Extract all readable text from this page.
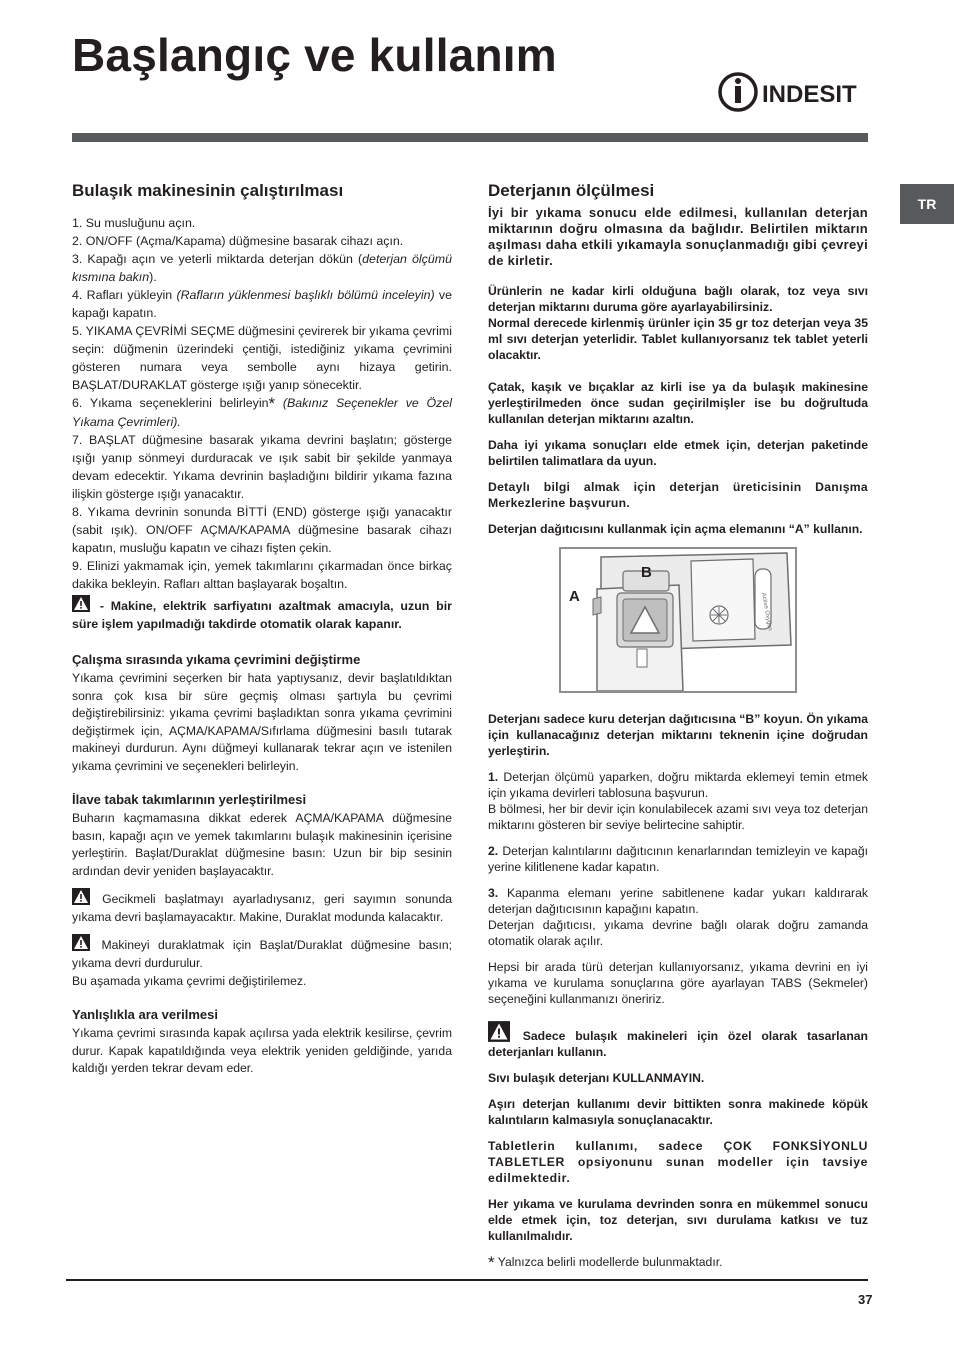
Başlangıç ve kullanım
INDESIT
TR
Bulaşık makinesinin çalıştırılması

1. Su musluğunu açın.

2. ON/OFF (Açma/Kapama) düğmesine basarak cihazı açın.

3. Kapağı açın ve yeterli miktarda deterjan dökün (deterjan ölçümü kısmına bakın).

4. Rafları yükleyin (Rafların yüklenmesi başlıklı bölümü inceleyin) ve kapağı kapatın.

5. YIKAMA ÇEVRİMİ SEÇME düğmesini çevirerek bir yıkama çevrimi seçin: düğmenin üzerindeki çentiği, istediğiniz yıkama çevrimini gösteren numara veya sembolle aynı hizaya getirin. BAŞLAT/DURAKLAT gösterge ışığı yanıp sönecektir.

6. Yıkama seçeneklerini belirleyin* (Bakınız Seçenekler ve Özel Yıkama Çevrimleri).

7. BAŞLAT düğmesine basarak yıkama devrini başlatın; gösterge ışığı yanıp sönmeyi durduracak ve ışık sabit bir şekilde yanmaya devam edecektir. Yıkama devrinin başladığını bildirir yıkama fazına ilişkin gösterge ışığı yanacaktır.

8. Yıkama devrinin sonunda BİTTİ (END) gösterge ışığı yanacaktır (sabit ışık). ON/OFF AÇMA/KAPAMA düğmesine basarak cihazı kapatın, musluğu kapatın ve cihazı fişten çekin.

9. Elinizi yakmamak için, yemek takımlarını çıkarmadan önce birkaç dakika bekleyin. Rafları alttan başlayarak boşaltın.

- Makine, elektrik sarfiyatını azaltmak amacıyla, uzun bir süre işlem yapılmadığı takdirde otomatik olarak kapanır.

Çalışma sırasında yıkama çevrimini değiştirme

Yıkama çevrimini seçerken bir hata yaptıysanız, devir başlatıldıktan sonra çok kısa bir süre geçmiş olması şartıyla bu çevrimi değiştirebilirsiniz: yıkama çevrimi başladıktan sonra yıkama çevrimini değiştirmek için, AÇMA/KAPAMA/Sıfırlama düğmesini basılı tutarak makineyi durdurun. Aynı düğmeyi kullanarak tekrar açın ve istenilen yıkama çevrimini ve seçenekleri belirleyin.

İlave tabak takımlarının yerleştirilmesi

Buharın kaçmamasına dikkat ederek AÇMA/KAPAMA düğmesine basın, kapağı açın ve yemek takımlarını bulaşık makinesinin içerisine yerleştirin. Başlat/Duraklat düğmesine basın: Uzun bir bip sesinin ardından devir yeniden başlayacaktır.

Gecikmeli başlatmayı ayarladıysanız, geri sayımın sonunda yıkama devri başlamayacaktır. Makine, Duraklat modunda kalacaktır.

Makineyi duraklatmak için Başlat/Duraklat düğmesine basın; yıkama devri durdurulur.

Bu aşamada yıkama çevrimi değiştirilemez.

Yanlışlıkla ara verilmesi

Yıkama çevrimi sırasında kapak açılırsa yada elektrik kesilirse, çevrim durur. Kapak kapatıldığında veya elektrik yeniden geldiğinde, yarıda kaldığı yerden tekrar devam eder.

Deterjanın ölçülmesi

İyi bir yıkama sonucu elde edilmesi, kullanılan deterjan miktarının doğru olmasına da bağlıdır. Belirtilen miktarın aşılması daha etkili yıkamayla sonuçlanmadığı gibi çevreyi de kirletir.

Ürünlerin ne kadar kirli olduğuna bağlı olarak, toz veya sıvı deterjan miktarını duruma göre ayarlayabilirsiniz.

Normal derecede kirlenmiş ürünler için 35 gr toz deterjan veya 35 ml sıvı deterjan yeterlidir. Tablet kullanıyorsanız tek tablet yeterli olacaktır.

Çatak, kaşık ve bıçaklar az kirli ise ya da bulaşık makinesine yerleştirilmeden önce sudan geçirilmişler ise bu doğrultuda kullanılan deterjan miktarını azaltın.

Daha iyi yıkama sonuçları elde etmek için, deterjan paketinde belirtilen talimatlara da uyun.

Detaylı bilgi almak için deterjan üreticisinin Danışma Merkezlerine başvurun.

Deterjan dağıtıcısını kullanmak için açma elemanını “A” kullanın.

Active Oxygen
B
A

Deterjanı sadece kuru deterjan dağıtıcısına “B” koyun. Ön yıkama için kullanacağınız deterjan miktarını teknenin içine doğrudan yerleştirin.

1. Deterjan ölçümü yaparken, doğru miktarda eklemeyi temin etmek için yıkama devirleri tablosuna başvurun.

B bölmesi, her bir devir için konulabilecek azami sıvı veya toz deterjan miktarını gösteren bir seviye belirtecine sahiptir.

2. Deterjan kalıntılarını dağıtıcının kenarlarından temizleyin ve kapağı yerine kilitlenene kadar kapatın.

3. Kapanma elemanı yerine sabitlenene kadar yukarı kaldırarak deterjan dağıtıcısının kapağını kapatın.

Deterjan dağıtıcısı, yıkama devrine bağlı olarak doğru zamanda otomatik olarak açılır.

Hepsi bir arada türü deterjan kullanıyorsanız, yıkama devrini en iyi yıkama ve kurulama sonuçlarına göre ayarlayan TABS (Sekmeler) seçeneğini kullanmanızı öneririz.

Sadece bulaşık makineleri için özel olarak tasarlanan deterjanları kullanın.

Sıvı bulaşık deterjanı KULLANMAYIN.

Aşırı deterjan kullanımı devir bittikten sonra makinede köpük kalıntıların kalmasıyla sonuçlanacaktır.

Tabletlerin kullanımı, sadece ÇOK FONKSİYONLU TABLETLER opsiyonunu sunan modeller için tavsiye edilmektedir.

Her yıkama ve kurulama devrinden sonra en mükemmel sonucu elde etmek için, toz deterjan, sıvı durulama katkısı ve tuz kullanılmalıdır.

* Yalnızca belirli modellerde bulunmaktadır.

37
